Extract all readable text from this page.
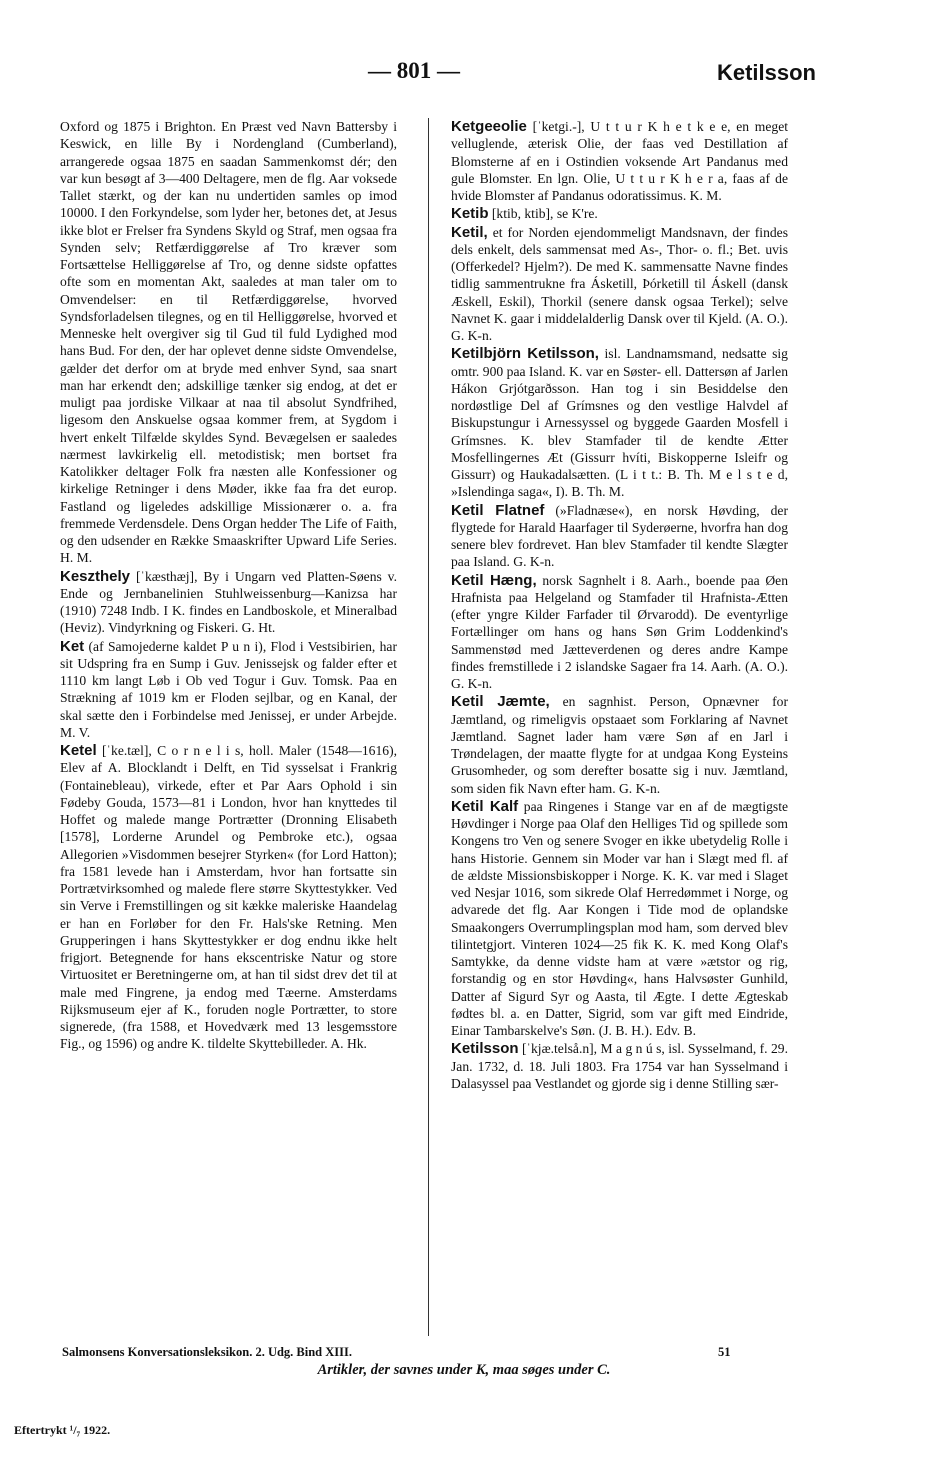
— 801 —	Ketilsson

Oxford og 1875 i Brighton. En Præst ved Navn Battersby i Keswick, en lille By i Nordengland (Cumberland), arrangerede ogsaa 1875 en saadan Sammenkomst dér; den var kun besøgt af 3—400 Deltagere, men de flg. Aar voksede Tallet stærkt, og der kan nu undertiden samles op imod 10000. I den Forkyndelse, som lyder her, betones det, at Jesus ikke blot er Frelser fra Syndens Skyld og Straf, men ogsaa fra Synden selv; Retfærdiggørelse af Tro kræver som Fortsættelse Helliggørelse af Tro, og denne sidste opfattes ofte som en momentan Akt, saaledes at man taler om to Omvendelser: en til Retfærdiggørelse, hvorved Syndsforladelsen tilegnes, og en til Helliggørelse, hvorved et Menneske helt overgiver sig til Gud til fuld Lydighed mod hans Bud. For den, der har oplevet denne sidste Omvendelse, gælder det derfor om at bryde med enhver Synd, saa snart man har erkendt den; adskillige tænker sig endog, at det er muligt paa jordiske Vilkaar at naa til absolut Syndfrihed, ligesom den Anskuelse ogsaa kommer frem, at Sygdom i hvert enkelt Tilfælde skyldes Synd. Bevægelsen er saaledes nærmest lavkirkelig ell. metodistisk; men bortset fra Katolikker deltager Folk fra næsten alle Konfessioner og kirkelige Retninger i dens Møder, ikke faa fra det europ. Fastland og ligeledes adskillige Missionærer o. a. fra fremmede Verdensdele. Dens Organ hedder The Life of Faith, og den udsender en Række Smaaskrifter Upward Life Series. H. M.

Keszthely [ˈkæsthæj], By i Ungarn ved Platten-Søens v. Ende og Jernbanelinien Stuhlweissenburg—Kanizsa har (1910) 7248 Indb. I K. findes en Landboskole, et Mineralbad (Heviz). Vindyrkning og Fiskeri. G. Ht.

Ket (af Samojederne kaldet P u n i), Flod i Vestsibirien, har sit Udspring fra en Sump i Guv. Jenissejsk og falder efter et 1110 km langt Løb i Ob ved Togur i Guv. Tomsk. Paa en Strækning af 1019 km er Floden sejlbar, og en Kanal, der skal sætte den i Forbindelse med Jenissej, er under Arbejde. M. V.

Ketel [ˈke.tæl], C o r n e l i s, holl. Maler (1548—1616), Elev af A. Blocklandt i Delft, en Tid sysselsat i Frankrig (Fontainebleau), virkede, efter et Par Aars Ophold i sin Fødeby Gouda, 1573—81 i London, hvor han knyttedes til Hoffet og malede mange Portrætter (Dronning Elisabeth [1578], Lorderne Arundel og Pembroke etc.), ogsaa Allegorien »Visdommen besejrer Styrken« (for Lord Hatton); fra 1581 levede han i Amsterdam, hvor han fortsatte sin Portrætvirksomhed og malede flere større Skyttestykker. Ved sin Verve i Fremstillingen og sit kække maleriske Haandelag er han en Forløber for den Fr. Hals'ske Retning. Men Grupperingen i hans Skyttestykker er dog endnu ikke helt frigjort. Betegnende for hans ekscentriske Natur og store Virtuositet er Beretningerne om, at han til sidst drev det til at male med Fingrene, ja endog med Tæerne. Amsterdams Rijksmuseum ejer af K., foruden nogle Portrætter, to store signerede, (fra 1588, et Hovedværk med 13 lesgemsstore Fig., og 1596) og andre K. tildelte Skyttebilleder. A. Hk.

Ketgeeolie [ˈketgi.-], U t t u r K h e t k e e, en meget velluglende, æterisk Olie, der faas ved Destillation af Blomsterne af en i Ostindien voksende Art Pandanus med gule Blomster. En lgn. Olie, U t t u r K h e r a, faas af de hvide Blomster af Pandanus odoratissimus. K. M.

Ketib [ktib, ktib], se K're.

Ketil, et for Norden ejendommeligt Mandsnavn, der findes dels enkelt, dels sammensat med As-, Thor- o. fl.; Bet. uvis (Offerkedel? Hjelm?). De med K. sammensatte Navne findes tidlig sammentrukne fra Ásketill, Þórketill til Áskell (dansk Æskell, Eskil), Thorkil (senere dansk ogsaa Terkel); selve Navnet K. gaar i middelalderlig Dansk over til Kjeld. (A. O.). G. K-n.

Ketilbjörn Ketilsson, isl. Landnamsmand, nedsatte sig omtr. 900 paa Island. K. var en Søster- ell. Dattersøn af Jarlen Hákon Grjótgarðsson. Han tog i sin Besiddelse den nordøstlige Del af Grímsnes og den vestlige Halvdel af Biskupstungur i Arnessyssel og byggede Gaarden Mosfell i Grímsnes. K. blev Stamfader til de kendte Ætter Mosfellingernes Æt (Gissurr hvíti, Biskopperne Isleifr og Gissurr) og Haukadalsætten. (L i t t.: B. Th. M e l s t e d, »Islendinga saga«, I). B. Th. M.

Ketil Flatnef (»Fladnæse«), en norsk Høvding, der flygtede for Harald Haarfager til Syderøerne, hvorfra han dog senere blev fordrevet. Han blev Stamfader til kendte Slægter paa Island. G. K-n.

Ketil Hæng, norsk Sagnhelt i 8. Aarh., boende paa Øen Hrafnista paa Helgeland og Stamfader til Hrafnista-Ætten (efter yngre Kilder Farfader til Ørvarodd). De eventyrlige Fortællinger om hans og hans Søn Grim Loddenkind's Sammenstød med Jætteverdenen og deres andre Kampe findes fremstillede i 2 islandske Sagaer fra 14. Aarh. (A. O.). G. K-n.

Ketil Jæmte, en sagnhist. Person, Opnævner for Jæmtland, og rimeligvis opstaaet som Forklaring af Navnet Jæmtland. Sagnet lader ham være Søn af en Jarl i Trøndelagen, der maatte flygte for at undgaa Kong Eysteins Grusomheder, og som derefter bosatte sig i nuv. Jæmtland, som siden fik Navn efter ham. G. K-n.

Ketil Kalf paa Ringenes i Stange var en af de mægtigste Høvdinger i Norge paa Olaf den Helliges Tid og spillede som Kongens tro Ven og senere Svoger en ikke ubetydelig Rolle i hans Historie. Gennem sin Moder var han i Slægt med fl. af de ældste Missionsbiskopper i Norge. K. K. var med i Slaget ved Nesjar 1016, som sikrede Olaf Herredømmet i Norge, og advarede det flg. Aar Kongen i Tide mod de oplandske Smaakongers Overrumplingsplan mod ham, som derved blev tilintetgjort. Vinteren 1024—25 fik K. K. med Kong Olaf's Samtykke, da denne vidste ham at være »ætstor og rig, forstandig og en stor Høvding«, hans Halvsøster Gunhild, Datter af Sigurd Syr og Aasta, til Ægte. I dette Ægteskab fødtes bl. a. en Datter, Sigrid, som var gift med Eindride, Einar Tambarskelve's Søn. (J. B. H.). Edv. B.

Ketilsson [ˈkjæ.telså.n], M a g n ú s, isl. Sysselmand, f. 29. Jan. 1732, d. 18. Juli 1803. Fra 1754 var han Sysselmand i Dalasyssel paa Vestlandet og gjorde sig i denne Stilling sær-

Salmonsens Konversationsleksikon. 2. Udg. Bind XIII.	51
Artikler, der savnes under K, maa søges under C.
Eftertrykt ¹/₇ 1922.
